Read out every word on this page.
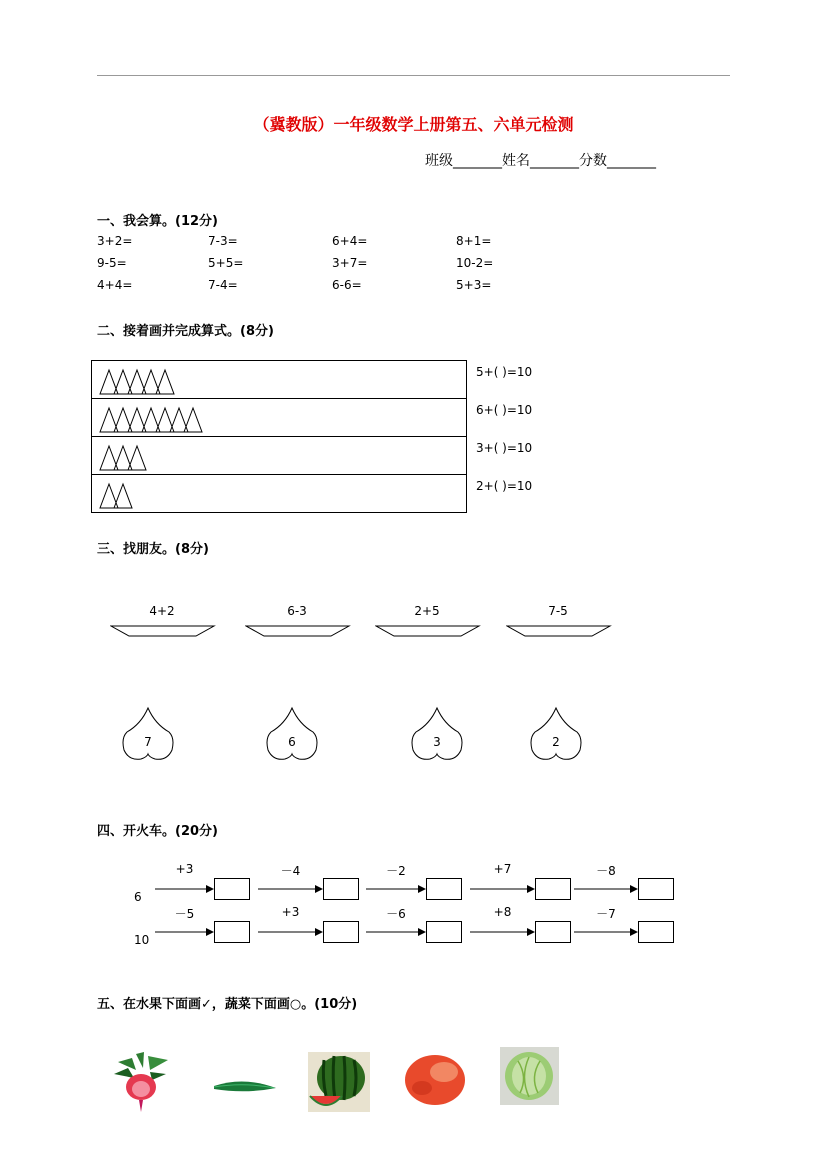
（冀教版）一年级数学上册第五、六单元检测
班级_______姓名_______分数_______
一、我会算。(12分)
3+2=	7-3=	6+4=	8+1=
9-5=	5+5=	3+7=	10-2=
4+4=	7-4=	6-6=	5+3=
二、接着画并完成算式。(8分)
5+( )=10
6+( )=10
3+( )=10
2+( )=10
三、找朋友。(8分)
4+2	6-3	2+5	7-5
7	6	3	2
四、开火车。(20分)
6
+3	－4	－2	+7	－8
10
－5	+3	－6	+8	－7
五、在水果下面画✓，蔬菜下面画○。(10分)
